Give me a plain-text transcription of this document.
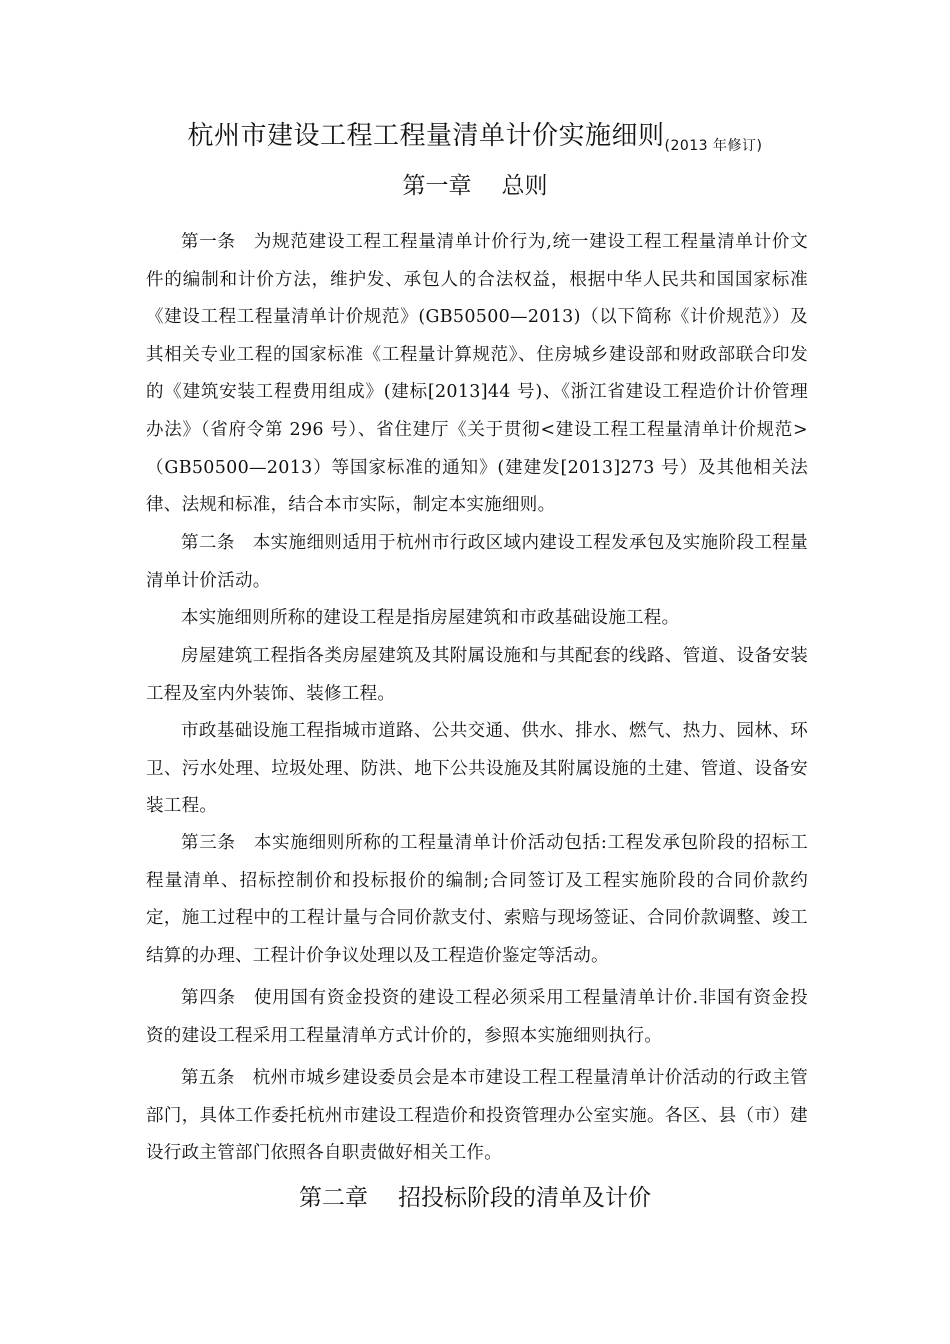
杭州市建设工程工程量清单计价实施细则$_{(2013 年修订)}$
第一章 总则

第一条 为规范建设工程工程量清单计价行为,统一建设工程工程量清单计价文件的编制和计价方法，维护发、承包人的合法权益，根据中华人民共和国国家标准《建设工程工程量清单计价规范》(GB50500—2013)（以下简称《计价规范》）及其相关专业工程的国家标准《工程量计算规范》、住房城乡建设部和财政部联合印发的《建筑安装工程费用组成》(建标[2013]44 号)、《浙江省建设工程造价计价管理办法》（省府令第 296 号）、省住建厅《关于贯彻<建设工程工程量清单计价规范>（GB50500—2013）等国家标准的通知》(建建发[2013]273 号）及其他相关法律、法规和标准，结合本市实际，制定本实施细则。

第二条 本实施细则适用于杭州市行政区域内建设工程发承包及实施阶段工程量清单计价活动。

本实施细则所称的建设工程是指房屋建筑和市政基础设施工程。

房屋建筑工程指各类房屋建筑及其附属设施和与其配套的线路、管道、设备安装工程及室内外装饰、装修工程。

市政基础设施工程指城市道路、公共交通、供水、排水、燃气、热力、园林、环卫、污水处理、垃圾处理、防洪、地下公共设施及其附属设施的土建、管道、设备安装工程。

第三条 本实施细则所称的工程量清单计价活动包括:工程发承包阶段的招标工程量清单、招标控制价和投标报价的编制;合同签订及工程实施阶段的合同价款约定，施工过程中的工程计量与合同价款支付、索赔与现场签证、合同价款调整、竣工结算的办理、工程计价争议处理以及工程造价鉴定等活动。

第四条 使用国有资金投资的建设工程必须采用工程量清单计价.非国有资金投资的建设工程采用工程量清单方式计价的，参照本实施细则执行。

第五条 杭州市城乡建设委员会是本市建设工程工程量清单计价活动的行政主管部门，具体工作委托杭州市建设工程造价和投资管理办公室实施。各区、县（市）建设行政主管部门依照各自职责做好相关工作。

第二章 招投标阶段的清单及计价
